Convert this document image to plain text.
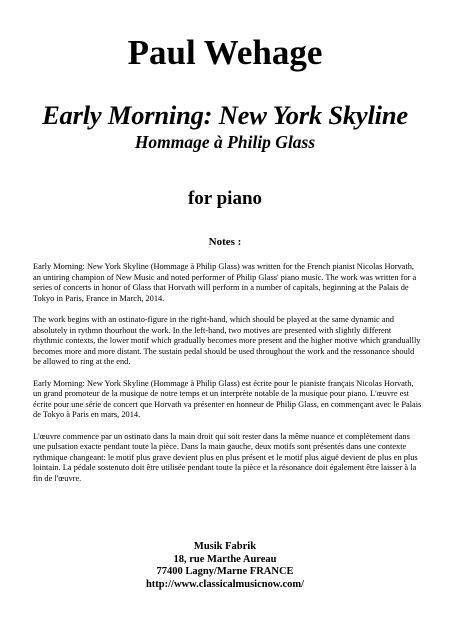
Paul Wehage
Early Morning: New York Skyline
Hommage à Philip Glass
for piano
Notes :

Early Morning: New York Skyline (Hommage à Philip Glass) was written for the French pianist Nicolas Horvath, an untiring champion of New Music and noted performer of Philip Glass' piano music. The work was written for a series of concerts in honor of Glass that Horvath will perform in a number of capitals, beginning at the Palais de Tokyo in Paris, France in March, 2014.

The work begins with an ostinato-figure in the right-hand, which should be played at the same dynamic and absolutely in rythmn thourhout the work. In the left-hand, two motives are presented with slightly different rhythmic contexts, the lower motif which gradually becomes more present and the higher motive which granduallly becomes more and more distant. The sustain pedal should be used throughout the work and the ressonance should be allowed to ring at the end.

Early Morning: New York Skyline (Hommage à Philip Glass) est écrite pour le pianiste français Nicolas Horvath, un grand promoteur de la musique de notre temps et un interprète notable de la musique pour piano. L'œuvre est écrite pour une série de concert que Horvath va présenter en honneur de Philip Glass, en commençant avec le Palais de Tokyo à Paris en mars, 2014.

L'œuvre commence par un ostinato dans la main droit qui soit rester dans la même nuance et complètement dans une pulsation exacte pendant toute la pièce. Dans la main gauche, deux motifs sont présentés dans une contexte rythmique changeant: le motif plus grave devient plus en plus présent et le motif plus aiguë devient de plus en plus lointain. La pédale sostenuto doit être utilisée pendant toute la pièce et la résonance doit également être laisser à la fin de l'œuvre.

Musik Fabrik
18, rue Marthe Aureau
77400 Lagny/Marne FRANCE
http://www.classicalmusicnow.com/
